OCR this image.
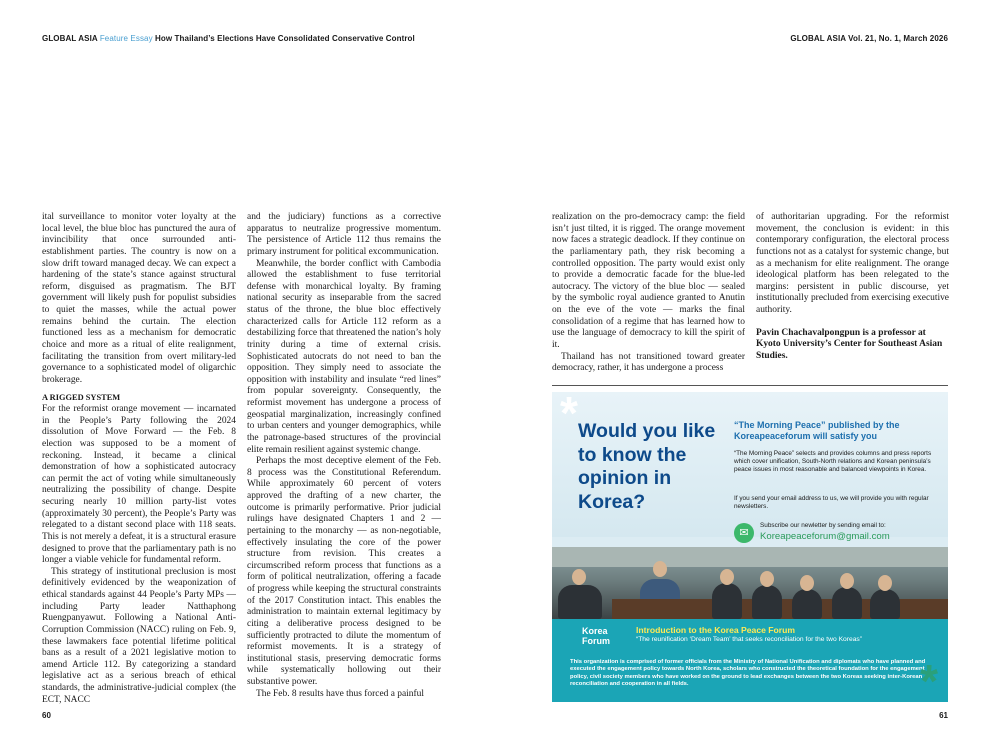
GLOBAL ASIA Feature Essay How Thailand’s Elections Have Consolidated Conservative Control	GLOBAL ASIA Vol. 21, No. 1, March 2026

ital surveillance to monitor voter loyalty at the local level, the blue bloc has punctured the aura of invincibility that once surrounded anti-establishment parties. The country is now on a slow drift toward managed decay. We can expect a hardening of the state’s stance against structural reform, disguised as pragmatism. The BJT government will likely push for populist subsidies to quiet the masses, while the actual power remains behind the curtain. The election functioned less as a mechanism for democratic choice and more as a ritual of elite realignment, facilitating the transition from overt military-led governance to a sophisticated model of oligarchic brokerage.

A RIGGED SYSTEM

For the reformist orange movement — incarnated in the People’s Party following the 2024 dissolution of Move Forward — the Feb. 8 election was supposed to be a moment of reckoning. Instead, it became a clinical demonstration of how a sophisticated autocracy can permit the act of voting while simultaneously neutralizing the possibility of change. Despite securing nearly 10 million party-list votes (approximately 30 percent), the People’s Party was relegated to a distant second place with 118 seats. This is not merely a defeat, it is a structural erasure designed to prove that the parliamentary path is no longer a viable vehicle for fundamental reform.

This strategy of institutional preclusion is most definitively evidenced by the weaponization of ethical standards against 44 People’s Party MPs — including Party leader Natthaphong Ruengpanyawut. Following a National Anti-Corruption Commission (NACC) ruling on Feb. 9, these lawmakers face potential lifetime political bans as a result of a 2021 legislative motion to amend Article 112. By categorizing a standard legislative act as a serious breach of ethical standards, the administrative-judicial complex (the ECT, NACC

and the judiciary) functions as a corrective apparatus to neutralize progressive momentum. The persistence of Article 112 thus remains the primary instrument for political excommunication.

Meanwhile, the border conflict with Cambodia allowed the establishment to fuse territorial defense with monarchical loyalty. By framing national security as inseparable from the sacred status of the throne, the blue bloc effectively characterized calls for Article 112 reform as a destabilizing force that threatened the nation’s holy trinity during a time of external crisis. Sophisticated autocrats do not need to ban the opposition. They simply need to associate the opposition with instability and insulate “red lines” from popular sovereignty. Consequently, the reformist movement has undergone a process of geospatial marginalization, increasingly confined to urban centers and younger demographics, while the patronage-based structures of the provincial elite remain resilient against systemic change.

Perhaps the most deceptive element of the Feb. 8 process was the Constitutional Referendum. While approximately 60 percent of voters approved the drafting of a new charter, the outcome is primarily performative. Prior judicial rulings have designated Chapters 1 and 2 — pertaining to the monarchy — as non-negotiable, effectively insulating the core of the power structure from revision. This creates a circumscribed reform process that functions as a form of political neutralization, offering a facade of progress while keeping the structural constraints of the 2017 Constitution intact. This enables the administration to maintain external legitimacy by citing a deliberative process designed to be sufficiently protracted to dilute the momentum of reformist movements. It is a strategy of institutional stasis, preserving democratic forms while systematically hollowing out their substantive power.

The Feb. 8 results have thus forced a painful

realization on the pro-democracy camp: the field isn’t just tilted, it is rigged. The orange movement now faces a strategic deadlock. If they continue on the parliamentary path, they risk becoming a controlled opposition. The party would exist only to provide a democratic facade for the blue-led autocracy. The victory of the blue bloc — sealed by the symbolic royal audience granted to Anutin on the eve of the vote — marks the final consolidation of a regime that has learned how to use the language of democracy to kill the spirit of it.

Thailand has not transitioned toward greater democracy, rather, it has undergone a process

of authoritarian upgrading. For the reformist movement, the conclusion is evident: in this contemporary configuration, the electoral process functions not as a catalyst for systemic change, but as a mechanism for elite realignment. The orange ideological platform has been relegated to the margins: persistent in public discourse, yet institutionally precluded from exercising executive authority.

Pavin Chachavalpongpun is a professor at Kyoto University’s Center for Southeast Asian Studies.

* Would you like to know the opinion in Korea?
“The Morning Peace” published by the Koreapeaceforum will satisfy you
“The Morning Peace” selects and provides columns and press reports which cover unification, South-North relations and Korean peninsula’s peace issues in most reasonable and balanced viewpoints in Korea.
If you send your email address to us, we will provide you with regular newsletters.
✉
Subscribe our newletter by sending email to:
Koreapeaceforum@gmail.com
Korea
Forum
Introduction to the Korea Peace Forum
“The reunification ‘Dream Team’ that seeks reconciliation for the two Koreas”
This organization is comprised of former officials from the Ministry of National Unification and diplomats who have planned and executed the engagement policy towards North Korea, scholars who constructed the theoretical foundation for the engagement policy, civil society members who have worked on the ground to lead exchanges between the two Koreas seeking inter-Korean reconciliation and cooperation in all fields.	*
60	61
